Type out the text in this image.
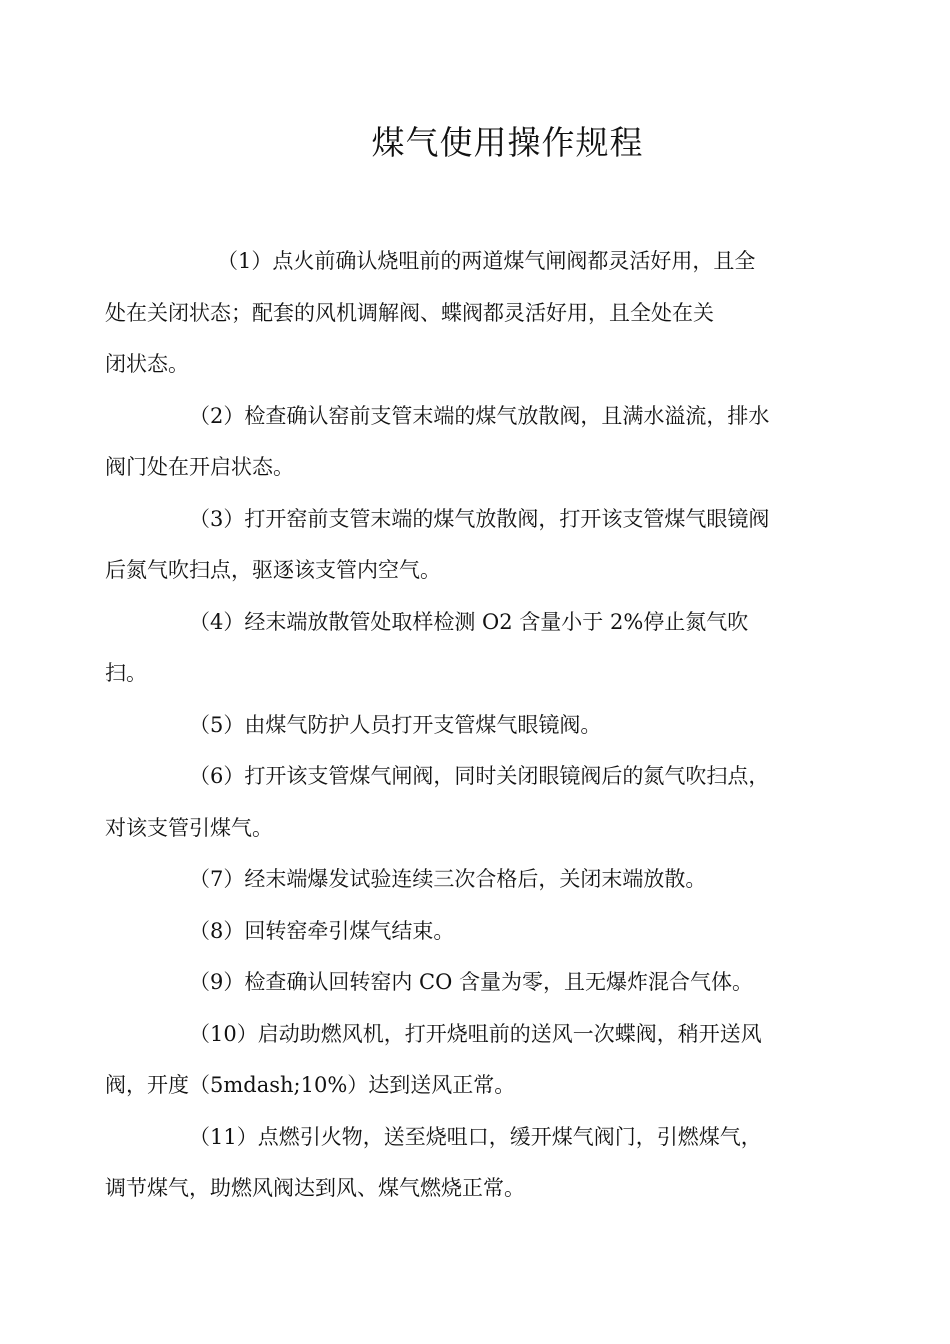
煤气使用操作规程

（1）点火前确认烧咀前的两道煤气闸阀都灵活好用，且全
处在关闭状态；配套的风机调解阀、蝶阀都灵活好用，且全处在关
闭状态。

（2）检查确认窑前支管末端的煤气放散阀，且满水溢流，排水
阀门处在开启状态。

（3）打开窑前支管末端的煤气放散阀，打开该支管煤气眼镜阀
后氮气吹扫点，驱逐该支管内空气。

（4）经末端放散管处取样检测 O2 含量小于 2%停止氮气吹
扫。

（5）由煤气防护人员打开支管煤气眼镜阀。

（6）打开该支管煤气闸阀，同时关闭眼镜阀后的氮气吹扫点，
对该支管引煤气。

（7）经末端爆发试验连续三次合格后，关闭末端放散。

（8）回转窑牵引煤气结束。

（9）检查确认回转窑内 CO 含量为零，且无爆炸混合气体。

（10）启动助燃风机，打开烧咀前的送风一次蝶阀，稍开送风
阀，开度（5mdash;10%）达到送风正常。

（11）点燃引火物，送至烧咀口，缓开煤气阀门，引燃煤气，
调节煤气，助燃风阀达到风、煤气燃烧正常。
